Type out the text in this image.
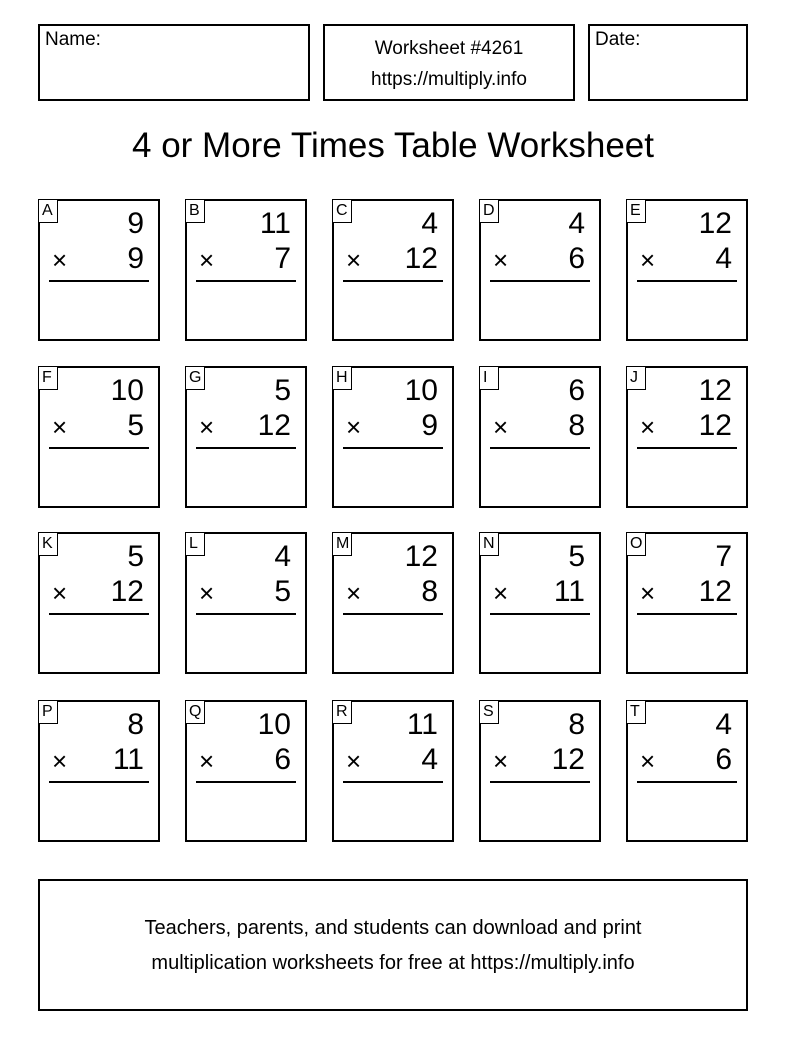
Name:	Worksheet #4261
https://multiply.info
Date:
4 or More Times Table Worksheet
A 9
× 9
B 11
× 7
C 4
× 12
D 4
× 6
E 12
× 4
F 10
× 5
G 5
× 12
H 10
× 9
I	6
× 8
J 12
× 12
K 5
× 12
L	4
× 5
M 12
× 8
N 5
× 11
O 7
× 12
P 8
× 11
Q 10
× 6
R 11
× 4
S 8
× 12
T	4
× 6
Teachers, parents, and students can download and print
multiplication worksheets for free at https://multiply.info
